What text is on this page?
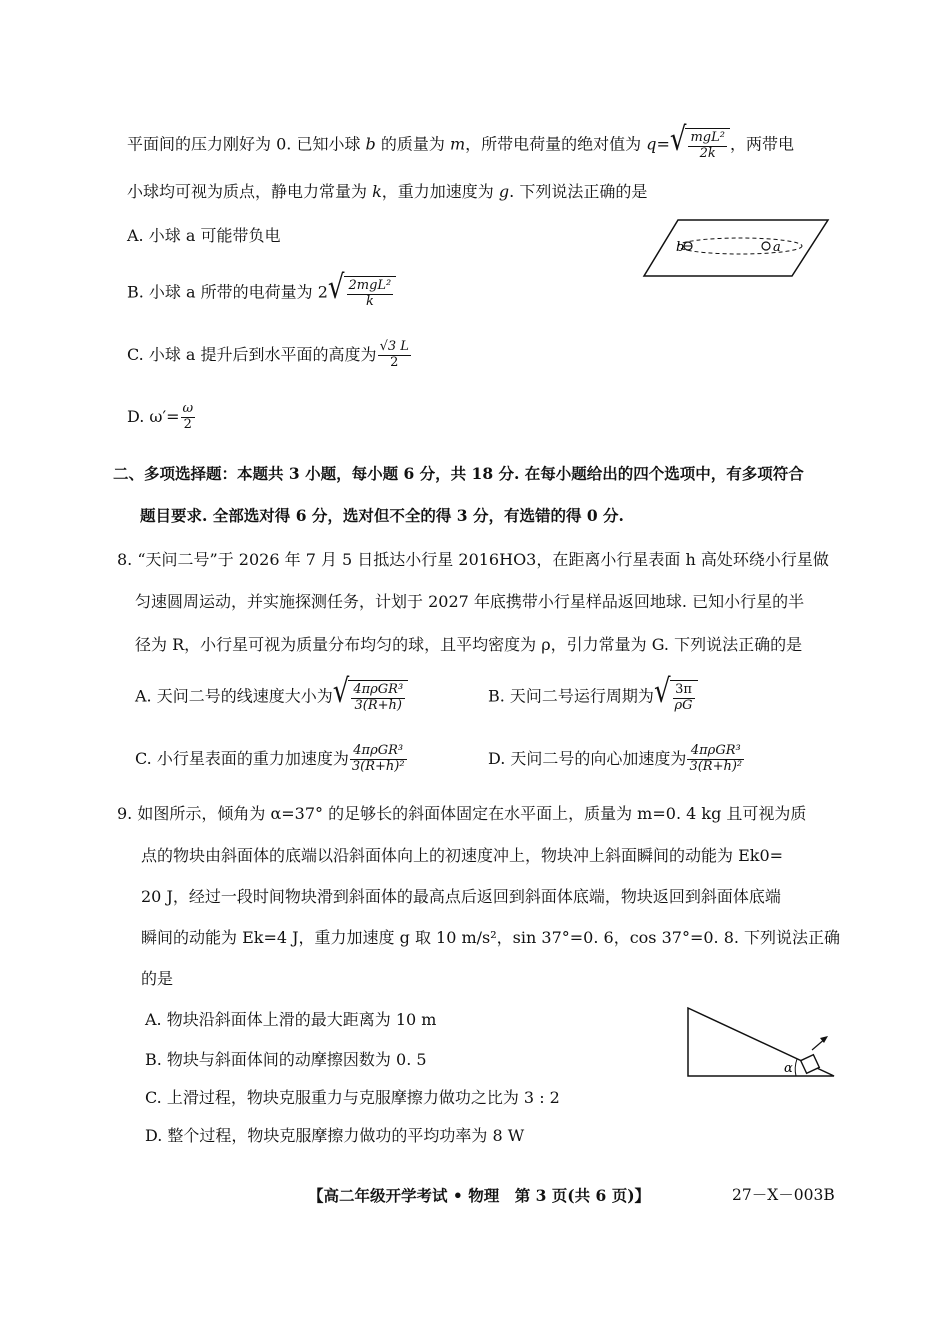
平面间的压力刚好为 0. 已知小球 b 的质量为 m，所带电荷量的绝对值为 q= √ $\frac{\text{mgL²}}{2k}$ ，两带电
小球均可视为质点，静电力常量为 k，重力加速度为 g. 下列说法正确的是
A. 小球 a 可能带负电
B. 小球 a 所带的电荷量为 2 √ $\frac{\text{2mgL²}}{k}$
C. 小球 a 提升后到水平面的高度为 $\frac{√3 L}{2}$
D. $\omega'= \frac{\omega}{2}$
b	a
二、多项选择题：本题共 3 小题，每小题 6 分，共 18 分. 在每小题给出的四个选项中，有多项符合
题目要求. 全部选对得 6 分，选对但不全的得 3 分，有选错的得 0 分.
8. “天问二号”于 2026 年 7 月 5 日抵达小行星 2016HO3，在距离小行星表面 h 高处环绕小行星做
匀速圆周运动，并实施探测任务，计划于 2027 年底携带小行星样品返回地球. 已知小行星的半
径为 R，小行星可视为质量分布均匀的球，且平均密度为 ρ，引力常量为 G. 下列说法正确的是
A. 天问二号的线速度大小为 √ $\frac{\text{4πρGR³}}{3(R+h)}$	B. 天问二号运行周期为 √ $\frac{3\pi}{\rho G}$
C. 小行星表面的重力加速度为 $\frac{\text{4πρGR³}}{\text{3(R+h)²}}$	D. 天问二号的向心加速度为 $\frac{\text{4πρGR³}}{\text{3(R+h)²}}$
9. 如图所示，倾角为 α=37° 的足够长的斜面体固定在水平面上，质量为 m=0. 4 kg 且可视为质
点的物块由斜面体的底端以沿斜面体向上的初速度冲上，物块冲上斜面瞬间的动能为 Ek0=
20 J，经过一段时间物块滑到斜面体的最高点后返回到斜面体底端，物块返回到斜面体底端
瞬间的动能为 Ek=4 J，重力加速度 g 取 10 m/s²，sin 37°=0. 6，cos 37°=0. 8. 下列说法正确
的是
A. 物块沿斜面体上滑的最大距离为 10 m
B. 物块与斜面体间的动摩擦因数为 0. 5
C. 上滑过程，物块克服重力与克服摩擦力做功之比为 3 : 2
D. 整个过程，物块克服摩擦力做功的平均功率为 8 W
α
【高二年级开学考试 • 物理　第 3 页(共 6 页)】	27－X－003B
